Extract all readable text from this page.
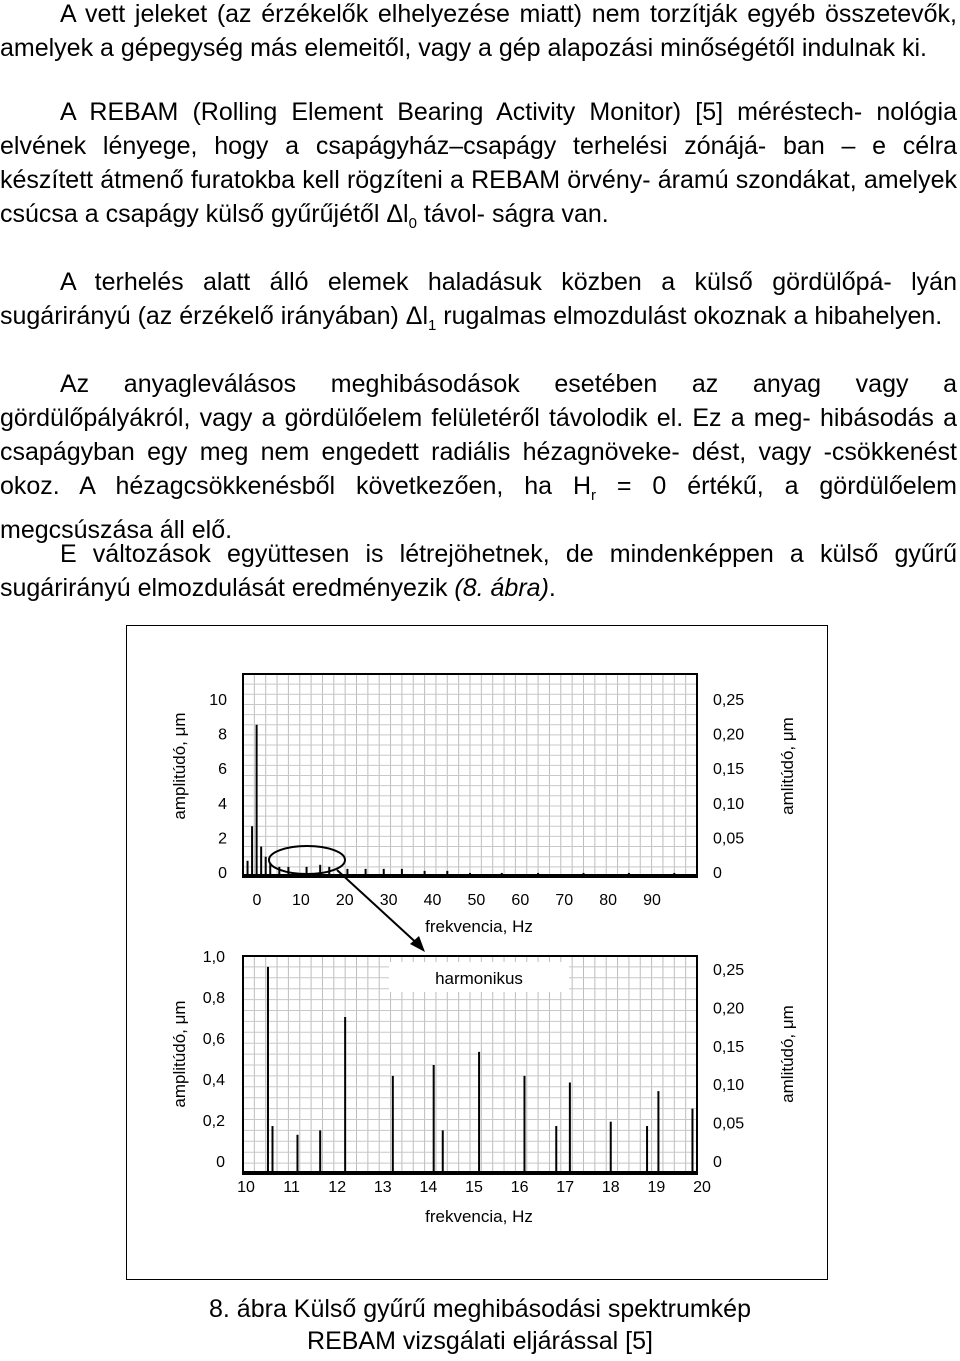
A vett jeleket (az érzékelők elhelyezése miatt) nem torzítják egyéb összetevők, amelyek a gépegység más elemeitől, vagy a gép alapozási minőségétől indulnak ki.

A REBAM (Rolling Element Bearing Activity Monitor) [5] méréstech- nológia elvének lényege, hogy a csapágyház–csapágy terhelési zónájá- ban – e célra készített átmenő furatokba kell rögzíteni a REBAM örvény- áramú szondákat, amelyek csúcsa a csapágy külső gyűrűjétől $\Delta l_0$ távol- ságra van.

A terhelés alatt álló elemek haladásuk közben a külső gördülőpá- lyán sugárirányú (az érzékelő irányában) $\Delta l_1$ rugalmas elmozdulást okoznak a hibahelyen.

Az anyagleválásos meghibásodások esetében az anyag vagy a gördülőpályákról, vagy a gördülőelem felületéről távolodik el. Ez a meg- hibásodás a csapágyban egy meg nem engedett radiális hézagnöveke- dést, vagy -csökkenést okoz. A hézagcsökkenésből következően, ha $H_r = 0$ értékű, a gördülőelem megcsúszása áll elő.

E változások együttesen is létrejöhetnek, de mindenképpen a külső gyűrű sugárirányú elmozdulását eredményezik (8. ábra).

0
2
4
6
8
10
0
0,05
0,10
0,15
0,20
0,25
0 10 20 30 40 50 60 70 80 90
amplitúdó, μm	amlitúdó, μm
frekvencia, Hz
harmonikus
0
0,2
0,4
0,6
0,8
1,0
0
0,05
0,10
0,15
0,20
0,25
10 11 12 13 14 15 16 17 18 19 20
amplitúdó, μm	amlitúdó, μm
frekvencia, Hz
8. ábra Külső gyűrű meghibásodási spektrumkép
REBAM vizsgálati eljárással [5]
